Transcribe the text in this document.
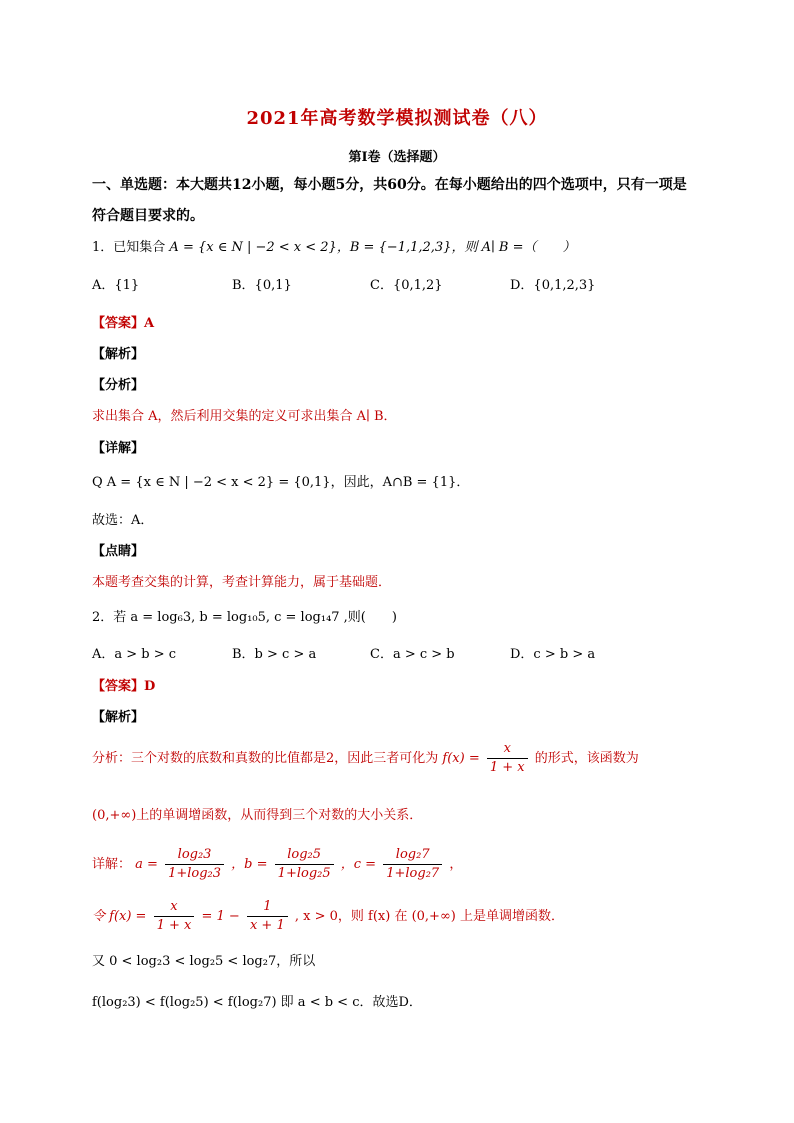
2021年高考数学模拟测试卷（八）
第Ⅰ卷（选择题）
一、单选题：本大题共12小题，每小题5分，共60分。在每小题给出的四个选项中，只有一项是
符合题目要求的。
1．已知集合 A = {x ∈ N | −2 < x < 2}，B = {−1,1,2,3}，则 A∣ B =（　　）
A．{1}	B．{0,1}	C．{0,1,2}	D．{0,1,2,3}
【答案】A
【解析】
【分析】
求出集合 A，然后利用交集的定义可求出集合 A∣ B．
【详解】
Q A = {x ∈ N | −2 < x < 2} = {0,1}，因此，A∩B = {1}．
故选：A．
【点睛】
本题考查交集的计算，考查计算能力，属于基础题．
2．若 a = log₆3, b = log₁₀5, c = log₁₄7 ,则(　　)
A．a > b > c	B．b > c > a	C．a > c > b	D．c > b > a
【答案】D
【解析】
分析：三个对数的底数和真数的比值都是2，因此三者可化为 $f(x) = \frac{x}{1 + x}$ 的形式，该函数为
(0,+∞)上的单调增函数，从而得到三个对数的大小关系．
详解： $a = \frac{\text{log₂3}}{\text{1+log₂3}}$ ，$b = \frac{\text{log₂5}}{\text{1+log₂5}}$ ，$c = \frac{\text{log₂7}}{\text{1+log₂7}}$ ，
令 $f(x) = \frac{x}{1 + x} = 1 - \frac{1}{x + 1}$ , x > 0，则 f(x) 在 (0,+∞) 上是单调增函数．
又 0 < log₂3 < log₂5 < log₂7，所以
f(log₂3) < f(log₂5) < f(log₂7) 即 a < b < c．故选D．
